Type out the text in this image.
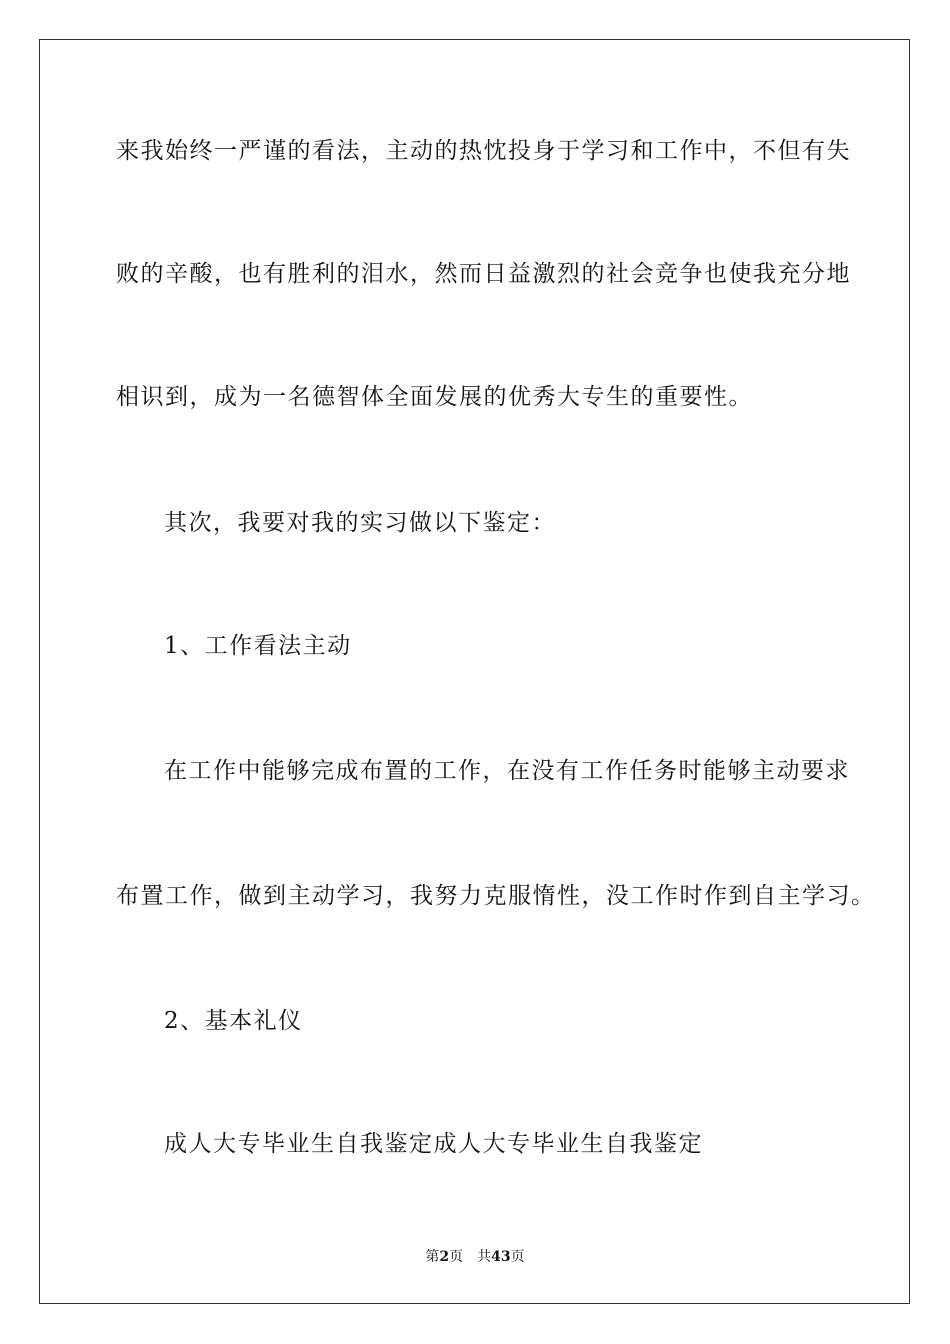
来我始终一严谨的看法，主动的热忱投身于学习和工作中，不但有失
败的辛酸，也有胜利的泪水，然而日益激烈的社会竞争也使我充分地
相识到，成为一名德智体全面发展的优秀大专生的重要性。
其次，我要对我的实习做以下鉴定：
1、工作看法主动
在工作中能够完成布置的工作，在没有工作任务时能够主动要求
布置工作，做到主动学习，我努力克服惰性，没工作时作到自主学习。
2、基本礼仪
成人大专毕业生自我鉴定成人大专毕业生自我鉴定
第2页 共43页
